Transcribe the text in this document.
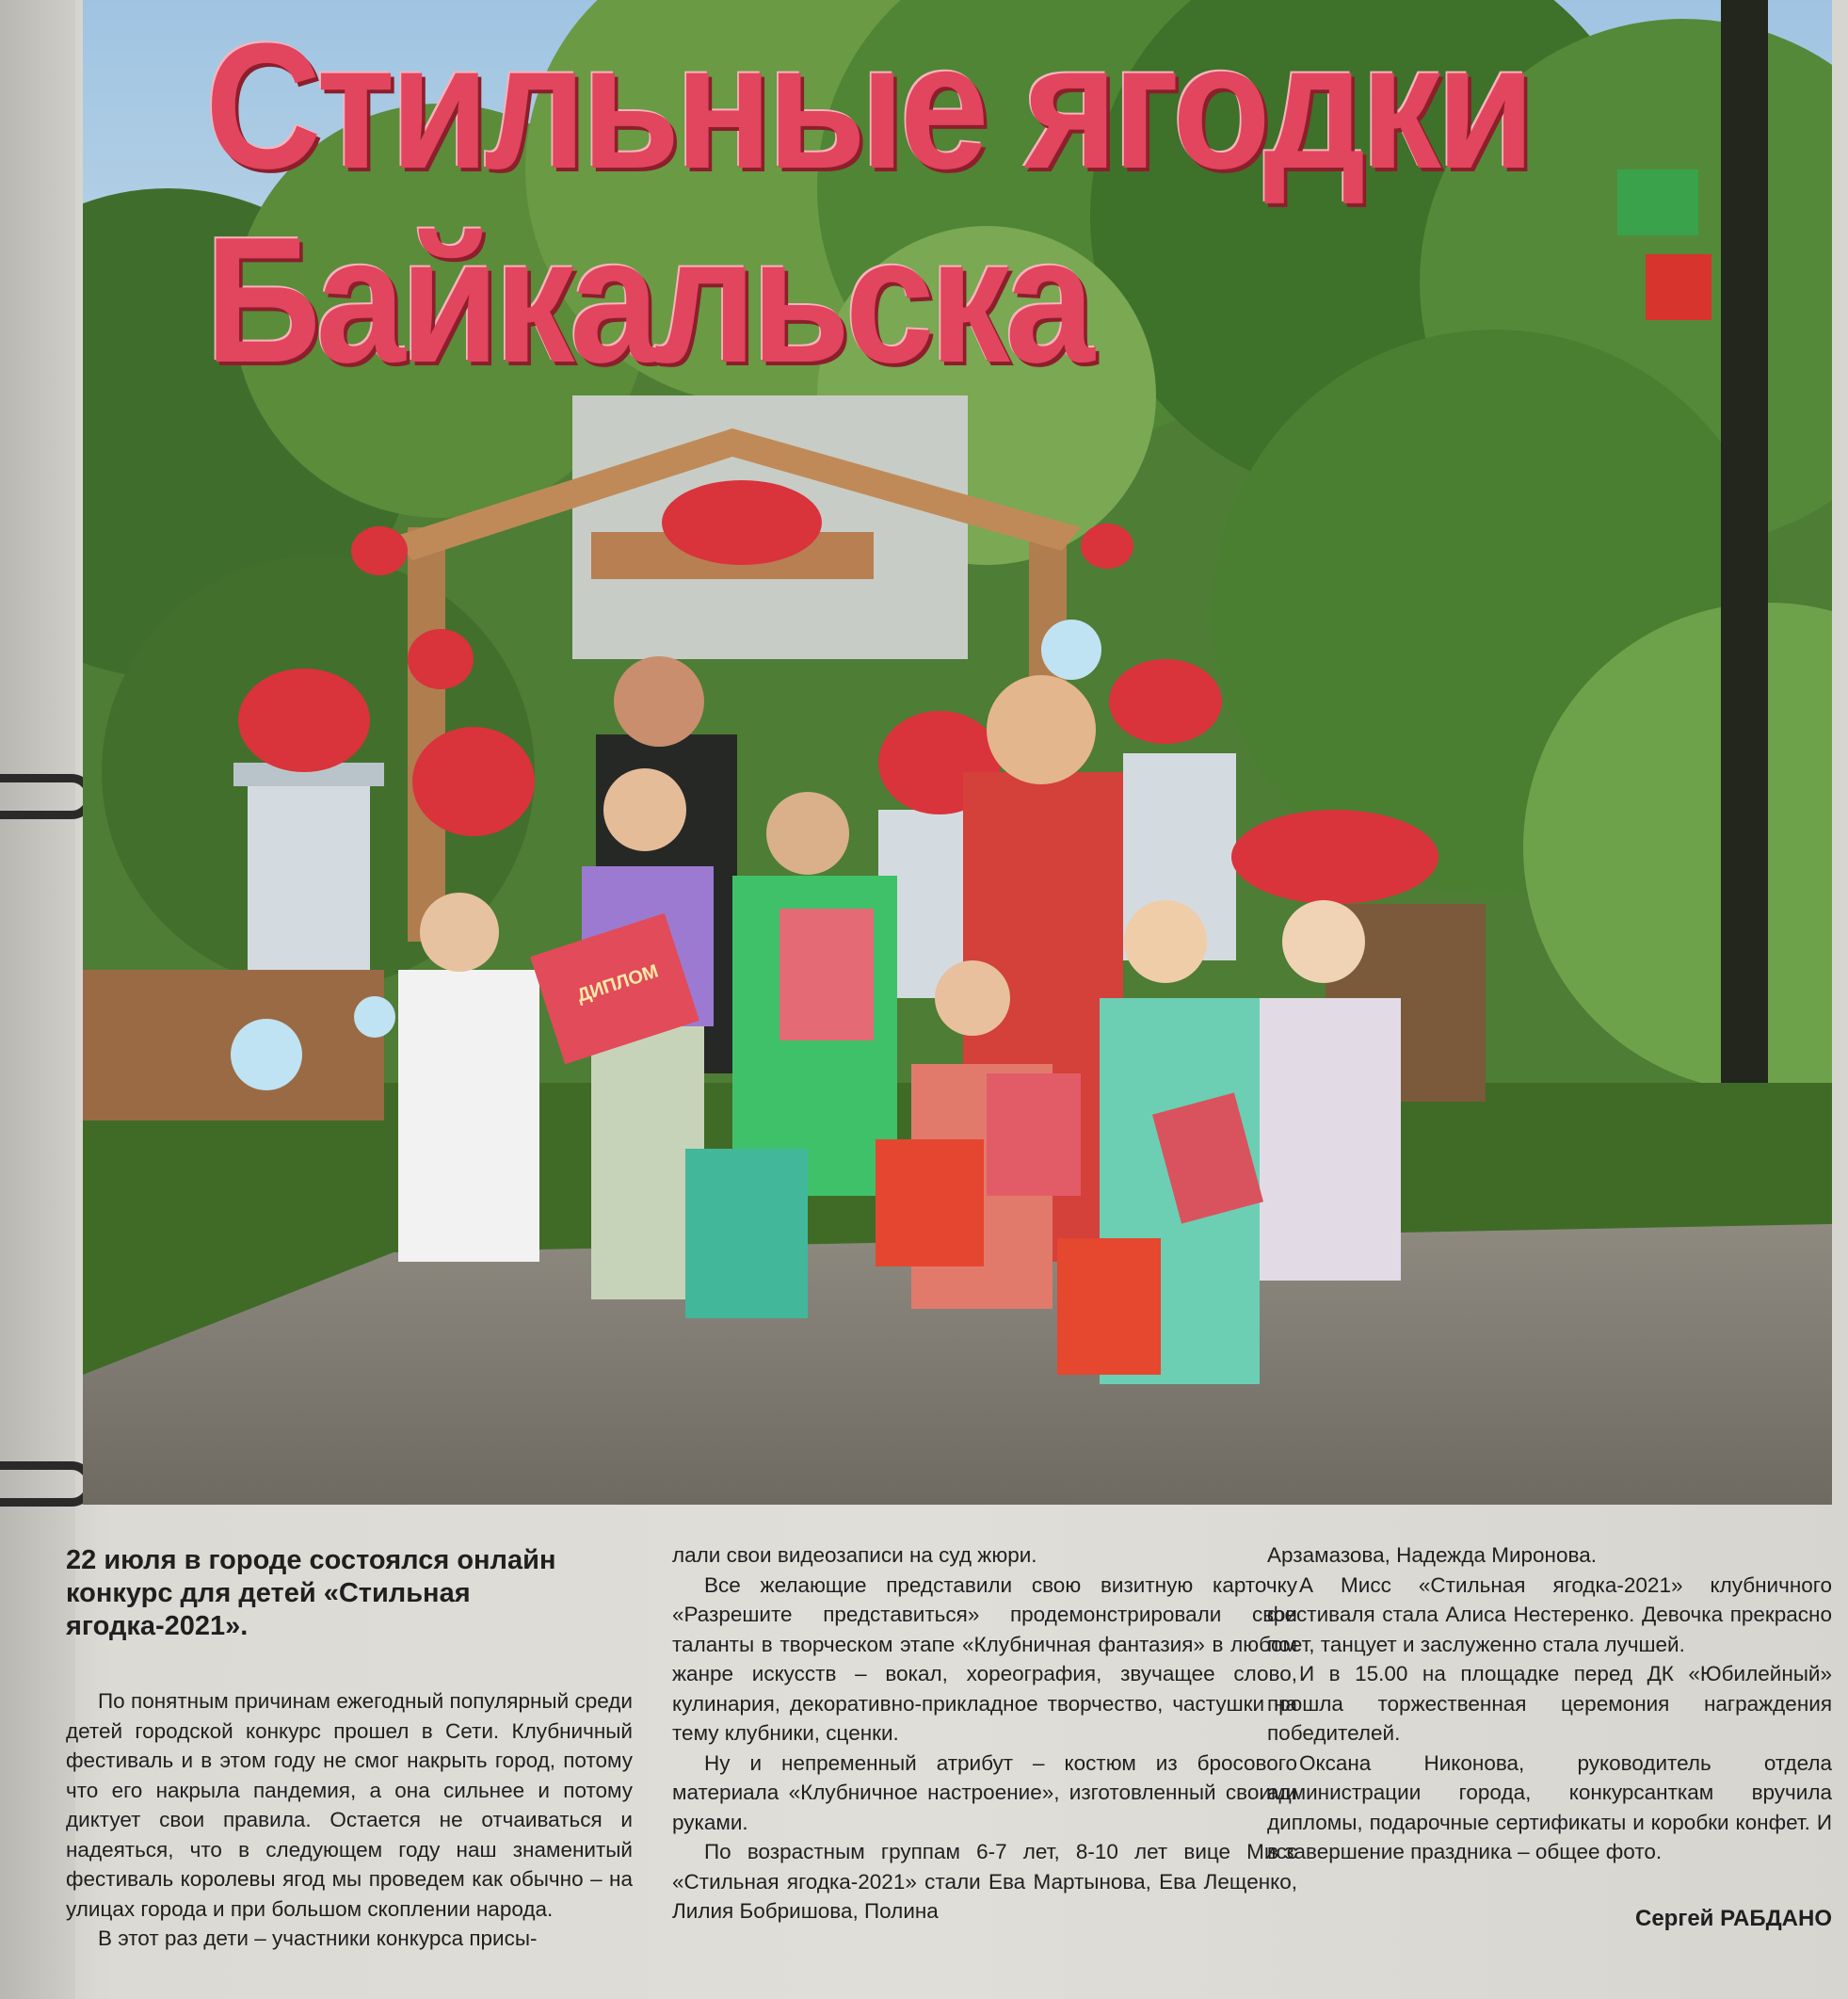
ДИПЛОМ
Стильные ягодки
Байкальска
22 июля в городе состоялся онлайн конкурс для детей «Стильная ягодка-2021».

По понятным причинам ежегодный популярный среди детей городской конкурс прошел в Сети. Клубничный фестиваль и в этом году не смог накрыть город, потому что его накрыла пандемия, а она сильнее и потому диктует свои правила. Остается не отчаиваться и надеяться, что в следующем году наш знаменитый фестиваль королевы ягод мы проведем как обычно – на улицах города и при большом скоплении народа.

В этот раз дети – участники конкурса присы-

лали свои видеозаписи на суд жюри.

Все желающие представили свою визитную карточку «Разрешите представиться» продемонстрировали свои таланты в творческом этапе «Клубничная фантазия» в любом жанре искусств – вокал, хореография, звучащее слово, кулинария, декоративно-прикладное творчество, частушки на тему клубники, сценки.

Ну и непременный атрибут – костюм из бросового материала «Клубничное настроение», изготовленный своими руками.

По возрастным группам 6-7 лет, 8-10 лет вице Мисс «Стильная ягодка-2021» стали Ева Мартынова, Ева Лещенко, Лилия Бобришова, Полина

Арзамазова, Надежда Миронова.

А Мисс «Стильная ягодка-2021» клубничного фестиваля стала Алиса Нестеренко. Девочка прекрасно поет, танцует и заслуженно стала лучшей.

И в 15.00 на площадке перед ДК «Юбилейный» прошла торжественная церемония награждения победителей.

Оксана Никонова, руководитель отдела администрации города, конкурсанткам вручила дипломы, подарочные сертификаты и коробки конфет. И в завершение праздника – общее фото.

Сергей РАБДАНО
